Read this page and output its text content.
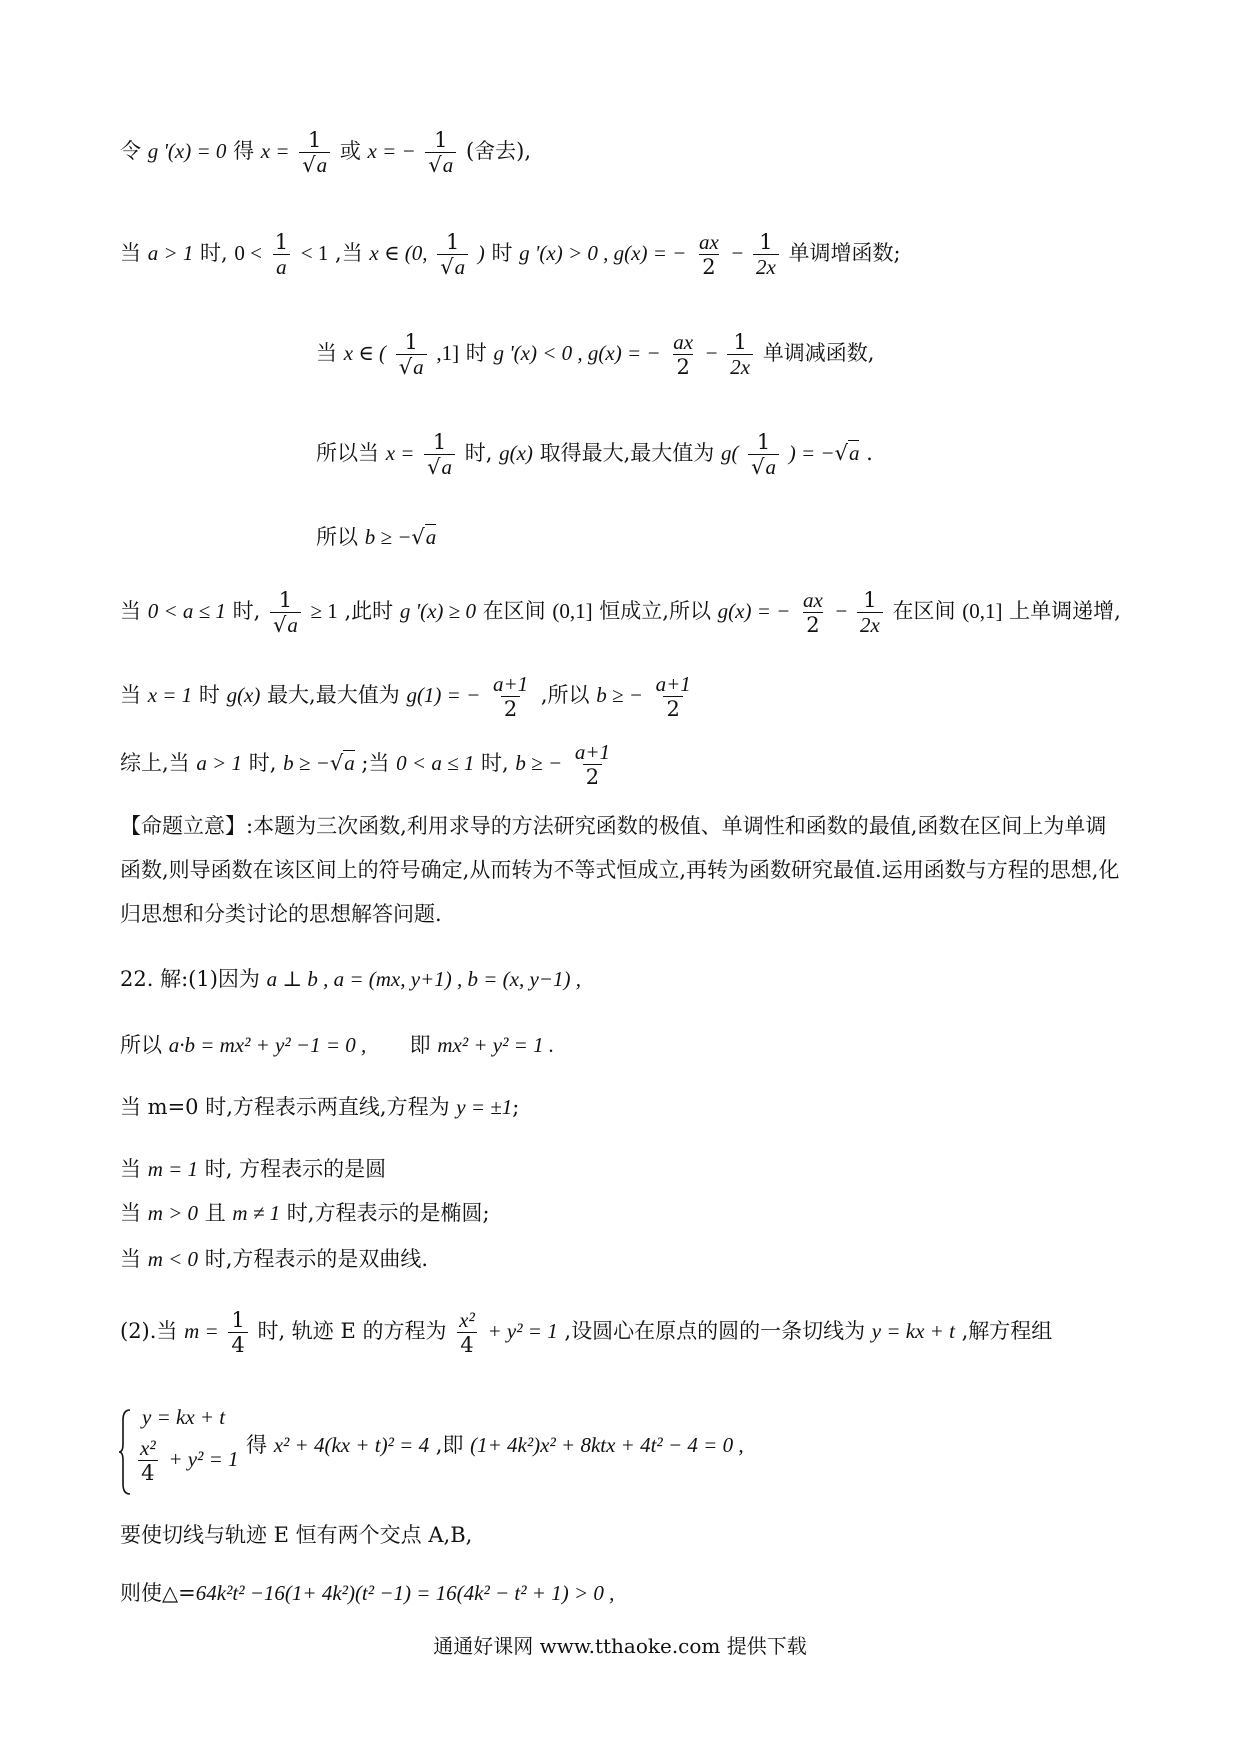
令 g '(x) = 0 得 $x = \frac{1}{√a}$ 或 x = − $\frac{1}{√a}$ (舍去),
当 a > 1 时, $0 < \frac{1}{a} < 1$ ,当 x ∈ (0, $\frac{1}{√a}$ ) 时 g '(x) > 0 , g(x) = − $\frac{ax}{2} - \frac{1}{2x}$ 单调增函数;
当 x ∈ ( $\frac{1}{√a} ,1$] 时 g '(x) < 0 , g(x) = − $\frac{ax}{2} - \frac{1}{2x}$ 单调减函数,
所以当 $x = \frac{1}{√a}$ 时, g(x) 取得最大,最大值为 $g( \frac{1}{√a}$ ) = −√a .
所以 b ≥ −√a
当 0 < a ≤ 1 时, $\frac{1}{√a} \ge 1$ ,此时 g '(x) ≥ 0 在区间 (0,1] 恒成立,所以 g(x) = − $\frac{ax}{2} - \frac{1}{2x}$ 在区间 (0,1] 上单调递增,
当 x = 1 时 g(x) 最大,最大值为 g(1) = − $\frac{a+1}{2}$ ,所以 b ≥ − $\frac{a+1}{2}$
综上,当 a > 1 时, b ≥ −√a ;当 0 < a ≤ 1 时, b ≥ − $\frac{a+1}{2}$
【命题立意】:本题为三次函数,利用求导的方法研究函数的极值、单调性和函数的最值,函数在区间上为单调函数,则导函数在该区间上的符号确定,从而转为不等式恒成立,再转为函数研究最值.运用函数与方程的思想,化归思想和分类讨论的思想解答问题.
22. 解:(1)因为 a ⊥ b , a = (mx, y+1) , b = (x, y−1) ,
所以 a·b = mx² + y² −1 = 0 , 即 mx² + y² = 1 .
当 m=0 时,方程表示两直线,方程为 y = ±1;
当 m = 1 时, 方程表示的是圆
当 m > 0 且 m ≠ 1 时,方程表示的是椭圆;
当 m < 0 时,方程表示的是双曲线.
(2).当 $m = \frac{1}{4}$ 时, 轨迹 E 的方程为 $\frac{\text{x²}}{4} + y^2 = 1$ ,设圆心在原点的圆的一条切线为 y = kx + t ,解方程组
y = kx + t
$\frac{\text{x²}}{4} + y^2 = 1$
得 x² + 4(kx + t)² = 4 ,即 (1+ 4k²)x² + 8ktx + 4t² − 4 = 0 ,
要使切线与轨迹 E 恒有两个交点 A,B,
则使△=64k²t² −16(1+ 4k²)(t² −1) = 16(4k² − t² + 1) > 0 ,
通通好课网 www.tthaoke.com 提供下载
